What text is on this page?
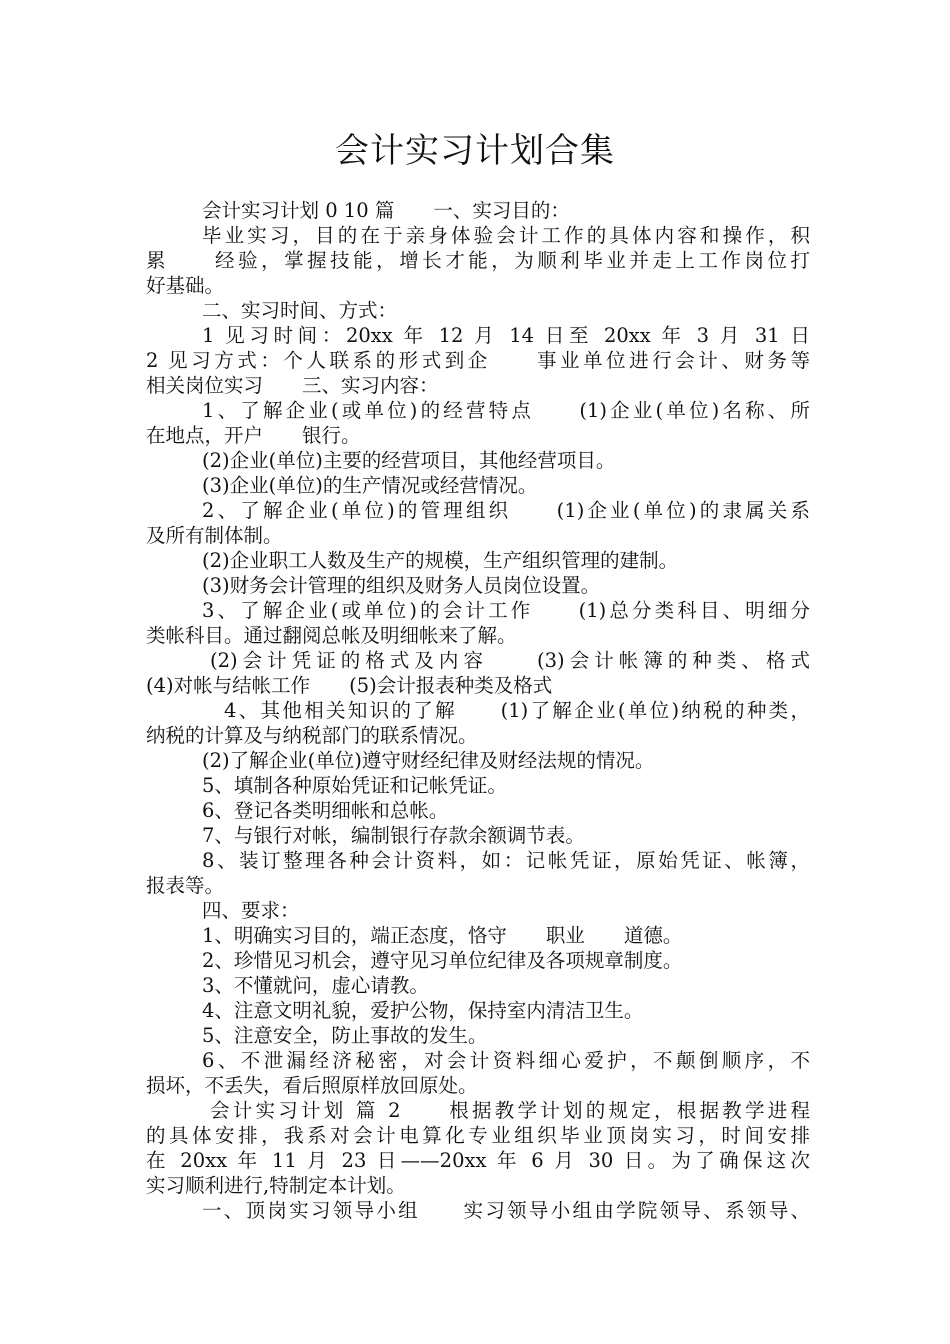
会计实习计划合集

会计实习计划 0 10 篇　　一、实习目的：

毕业实习，目的在于亲身体验会计工作的具体内容和操作，积

累　　经验，掌握技能，增长才能，为顺利毕业并走上工作岗位打

好基础。

二、实习时间、方式：

1 见习时间：20xx 年 12 月 14 日至 20xx 年 3 月 31 日

2 见习方式：个人联系的形式到企　　事业单位进行会计、财务等

相关岗位实习　　三、实习内容：

1、了解企业(或单位)的经营特点　　(1)企业(单位)名称、所

在地点，开户　　银行。

(2)企业(单位)主要的经营项目，其他经营项目。

(3)企业(单位)的生产情况或经营情况。

2、了解企业(单位)的管理组织　　(1)企业(单位)的隶属关系

及所有制体制。

(2)企业职工人数及生产的规模，生产组织管理的建制。

(3)财务会计管理的组织及财务人员岗位设置。

3、了解企业(或单位)的会计工作　　(1)总分类科目、明细分

类帐科目。通过翻阅总帐及明细帐来了解。

(2)会计凭证的格式及内容　　(3)会计帐簿的种类、格式

(4)对帐与结帐工作　　(5)会计报表种类及格式

4、其他相关知识的了解　　(1)了解企业(单位)纳税的种类，

纳税的计算及与纳税部门的联系情况。

(2)了解企业(单位)遵守财经纪律及财经法规的情况。

5、填制各种原始凭证和记帐凭证。

6、登记各类明细帐和总帐。

7、与银行对帐，编制银行存款余额调节表。

8、装订整理各种会计资料，如：记帐凭证，原始凭证、帐簿，

报表等。

四、要求：

1、明确实习目的，端正态度，恪守　　职业　　道德。

2、珍惜见习机会，遵守见习单位纪律及各项规章制度。

3、不懂就问，虚心请教。

4、注意文明礼貌，爱护公物，保持室内清洁卫生。

5、注意安全，防止事故的发生。

6、不泄漏经济秘密，对会计资料细心爱护，不颠倒顺序，不

损坏，不丢失，看后照原样放回原处。

会计实习计划 篇 2　　根据教学计划的规定，根据教学进程

的具体安排，我系对会计电算化专业组织毕业顶岗实习，时间安排

在 20xx 年 11 月 23 日——20xx 年 6 月 30 日。为了确保这次

实习顺利进行,特制定本计划。

一、顶岗实习领导小组　　实习领导小组由学院领导、系领导、
